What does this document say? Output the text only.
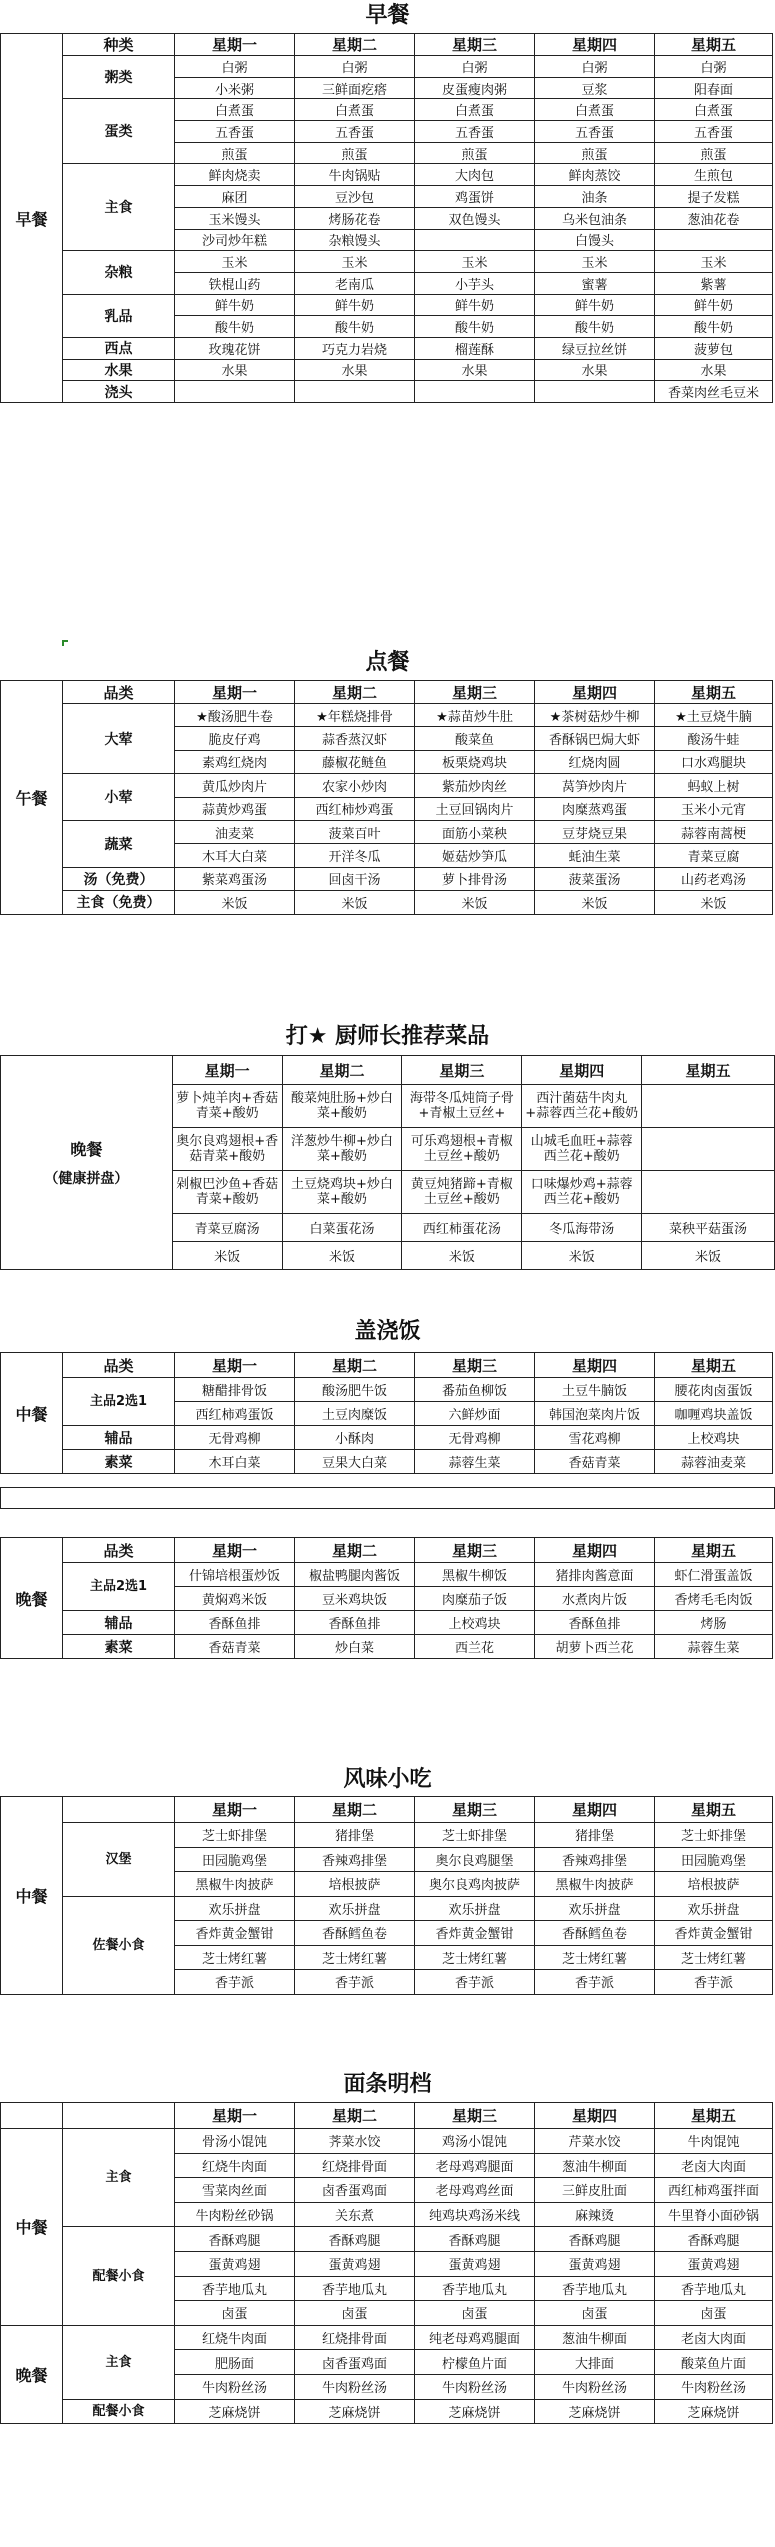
早餐
点餐
打★ 厨师长推荐菜品
盖浇饭
风味小吃
面条明档
早餐	种类	星期一	星期二	星期三	星期四	星期五
	粥类	白粥	白粥	白粥	白粥	白粥
		小米粥	三鲜面疙瘩	皮蛋瘦肉粥	豆浆	阳春面
	蛋类	白煮蛋	白煮蛋	白煮蛋	白煮蛋	白煮蛋
		五香蛋	五香蛋	五香蛋	五香蛋	五香蛋
		煎蛋	煎蛋	煎蛋	煎蛋	煎蛋
	主食	鲜肉烧卖	牛肉锅贴	大肉包	鲜肉蒸饺	生煎包
		麻团	豆沙包	鸡蛋饼	油条	提子发糕
		玉米馒头	烤肠花卷	双色馒头	乌米包油条	葱油花卷
		沙司炒年糕	杂粮馒头		白馒头	
	杂粮	玉米	玉米	玉米	玉米	玉米
		铁棍山药	老南瓜	小芋头	蜜薯	紫薯
	乳品	鲜牛奶	鲜牛奶	鲜牛奶	鲜牛奶	鲜牛奶
		酸牛奶	酸牛奶	酸牛奶	酸牛奶	酸牛奶
	西点	玫瑰花饼	巧克力岩烧	榴莲酥	绿豆拉丝饼	菠萝包
	水果	水果	水果	水果	水果	水果
	浇头					香菜肉丝毛豆米
午餐	品类	星期一	星期二	星期三	星期四	星期五
	大荤	★酸汤肥牛卷	★年糕烧排骨	★蒜苗炒牛肚	★茶树菇炒牛柳	★土豆烧牛腩
		脆皮仔鸡	蒜香蒸汉虾	酸菜鱼	香酥锅巴焗大虾	酸汤牛蛙
		素鸡红烧肉	藤椒花鲢鱼	板栗烧鸡块	红烧肉圆	口水鸡腿块
	小荤	黄瓜炒肉片	农家小炒肉	紫茄炒肉丝	莴笋炒肉片	蚂蚁上树
		蒜黄炒鸡蛋	西红柿炒鸡蛋	土豆回锅肉片	肉糜蒸鸡蛋	玉米小元宵
	蔬菜	油麦菜	菠菜百叶	面筋小菜秧	豆芽烧豆果	蒜蓉南蒿梗
		木耳大白菜	开洋冬瓜	姬菇炒笋瓜	蚝油生菜	青菜豆腐
	汤（免费）	紫菜鸡蛋汤	回卤干汤	萝卜排骨汤	菠菜蛋汤	山药老鸡汤
	主食（免费）	米饭	米饭	米饭	米饭	米饭
晚餐
（健康拼盘）	星期一	星期二	星期三	星期四	星期五
	萝卜炖羊肉+香菇青菜+酸奶	酸菜炖肚肠+炒白菜+酸奶	海带冬瓜炖筒子骨+青椒土豆丝+	西汁菌菇牛肉丸+蒜蓉西兰花+酸奶	
	奥尔良鸡翅根+香菇青菜+酸奶	洋葱炒牛柳+炒白菜+酸奶	可乐鸡翅根+青椒土豆丝+酸奶	山城毛血旺+蒜蓉西兰花+酸奶	
	剁椒巴沙鱼+香菇青菜+酸奶	土豆烧鸡块+炒白菜+酸奶	黄豆炖猪蹄+青椒土豆丝+酸奶	口味爆炒鸡+蒜蓉西兰花+酸奶	
	青菜豆腐汤	白菜蛋花汤	西红柿蛋花汤	冬瓜海带汤	菜秧平菇蛋汤
	米饭	米饭	米饭	米饭	米饭
中餐	品类	星期一	星期二	星期三	星期四	星期五
	主品2选1	糖醋排骨饭	酸汤肥牛饭	番茄鱼柳饭	土豆牛腩饭	腰花肉卤蛋饭
		西红柿鸡蛋饭	土豆肉糜饭	六鲜炒面	韩国泡菜肉片饭	咖喱鸡块盖饭
	辅品	无骨鸡柳	小酥肉	无骨鸡柳	雪花鸡柳	上校鸡块
	素菜	木耳白菜	豆果大白菜	蒜蓉生菜	香菇青菜	蒜蓉油麦菜
晚餐	品类	星期一	星期二	星期三	星期四	星期五
	主品2选1	什锦培根蛋炒饭	椒盐鸭腿肉酱饭	黑椒牛柳饭	猪排肉酱意面	虾仁滑蛋盖饭
		黄焖鸡米饭	豆米鸡块饭	肉糜茄子饭	水煮肉片饭	香烤毛毛肉饭
	辅品	香酥鱼排	香酥鱼排	上校鸡块	香酥鱼排	烤肠
	素菜	香菇青菜	炒白菜	西兰花	胡萝卜西兰花	蒜蓉生菜
中餐		星期一	星期二	星期三	星期四	星期五
	汉堡	芝士虾排堡	猪排堡	芝士虾排堡	猪排堡	芝士虾排堡
		田园脆鸡堡	香辣鸡排堡	奥尔良鸡腿堡	香辣鸡排堡	田园脆鸡堡
		黑椒牛肉披萨	培根披萨	奥尔良鸡肉披萨	黑椒牛肉披萨	培根披萨
	佐餐小食	欢乐拼盘	欢乐拼盘	欢乐拼盘	欢乐拼盘	欢乐拼盘
		香炸黄金蟹钳	香酥鳕鱼卷	香炸黄金蟹钳	香酥鳕鱼卷	香炸黄金蟹钳
		芝士烤红薯	芝士烤红薯	芝士烤红薯	芝士烤红薯	芝士烤红薯
		香芋派	香芋派	香芋派	香芋派	香芋派
		星期一	星期二	星期三	星期四	星期五
中餐	主食	骨汤小馄饨	荠菜水饺	鸡汤小馄饨	芹菜水饺	牛肉馄饨
		红烧牛肉面	红烧排骨面	老母鸡鸡腿面	葱油牛柳面	老卤大肉面
		雪菜肉丝面	卤香蛋鸡面	老母鸡鸡丝面	三鲜皮肚面	西红柿鸡蛋拌面
		牛肉粉丝砂锅	关东煮	纯鸡块鸡汤米线	麻辣烫	牛里脊小面砂锅
	配餐小食	香酥鸡腿	香酥鸡腿	香酥鸡腿	香酥鸡腿	香酥鸡腿
		蛋黄鸡翅	蛋黄鸡翅	蛋黄鸡翅	蛋黄鸡翅	蛋黄鸡翅
		香芋地瓜丸	香芋地瓜丸	香芋地瓜丸	香芋地瓜丸	香芋地瓜丸
		卤蛋	卤蛋	卤蛋	卤蛋	卤蛋
晚餐	主食	红烧牛肉面	红烧排骨面	纯老母鸡鸡腿面	葱油牛柳面	老卤大肉面
		肥肠面	卤香蛋鸡面	柠檬鱼片面	大排面	酸菜鱼片面
		牛肉粉丝汤	牛肉粉丝汤	牛肉粉丝汤	牛肉粉丝汤	牛肉粉丝汤
	配餐小食	芝麻烧饼	芝麻烧饼	芝麻烧饼	芝麻烧饼	芝麻烧饼
